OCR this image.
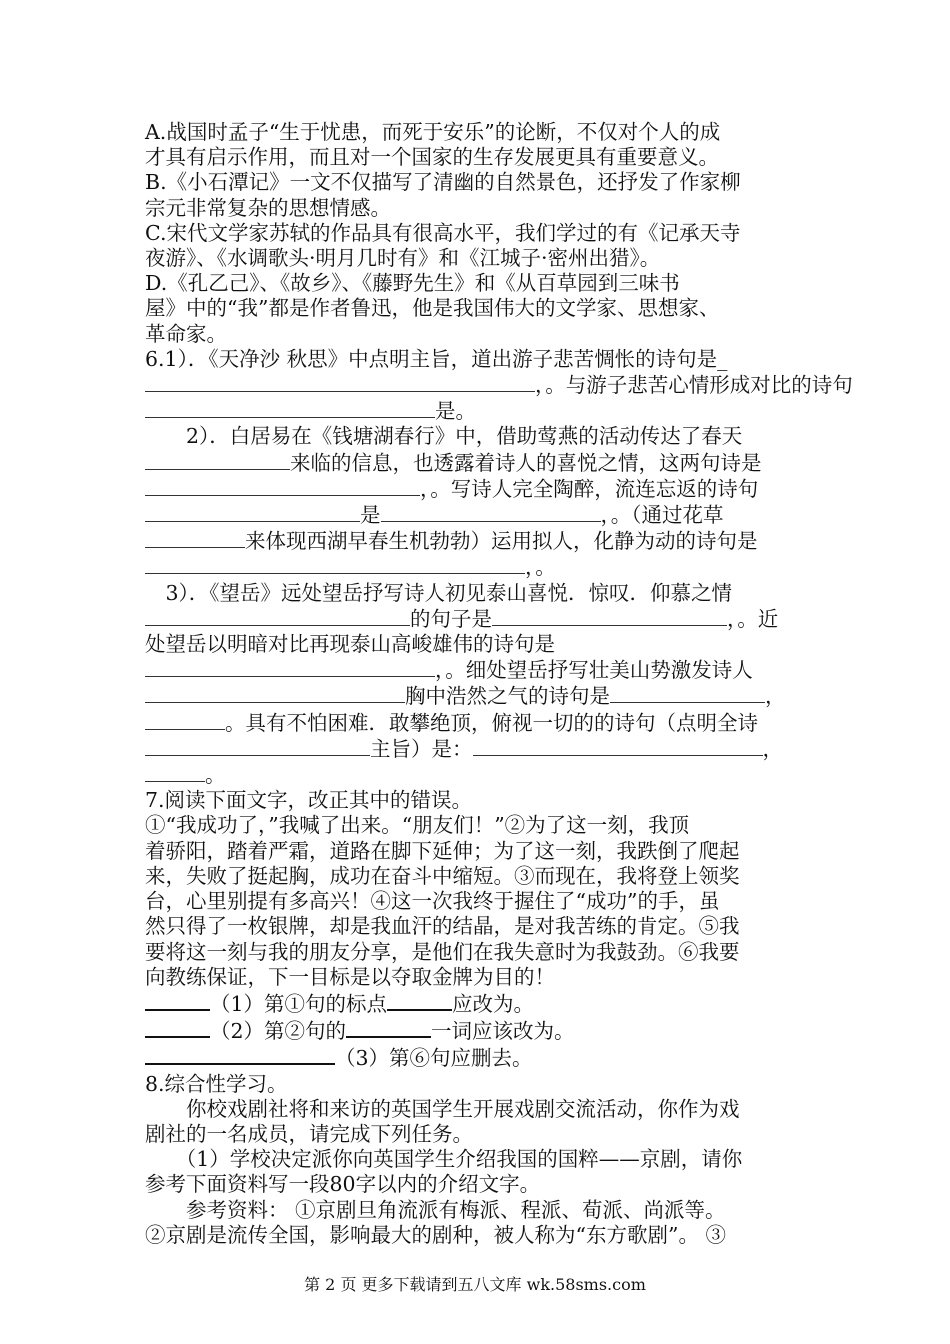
A.战国时孟子“生于忧患，而死于安乐”的论断，不仅对个人的成

才具有启示作用，而且对一个国家的生存发展更具有重要意义。

B.《小石潭记》一文不仅描写了清幽的自然景色，还抒发了作家柳

宗元非常复杂的思想情感。

C.宋代文学家苏轼的作品具有很高水平，我们学过的有《记承天寺

夜游》、《水调歌头·明月几时有》和《江城子·密州出猎》。

D.《孔乙己》、《故乡》、《藤野先生》和《从百草园到三味书

屋》中的“我”都是作者鲁迅，他是我国伟大的文学家、思想家、

革命家。

6.1）．《天净沙 秋思》中点明主旨，道出游子悲苦惆怅的诗句是_

，。与游子悲苦心情形成对比的诗句

是。

　　2）．白居易在《钱塘湖春行》中，借助莺燕的活动传达了春天

来临的信息，也透露着诗人的喜悦之情，这两句诗是

，。写诗人完全陶醉，流连忘返的诗句

是	，。（通过花草

来体现西湖早春生机勃勃）运用拟人，化静为动的诗句是

，。

　3）．《望岳》远处望岳抒写诗人初见泰山喜悦．惊叹．仰慕之情

的句子是	，。近

处望岳以明暗对比再现泰山高峻雄伟的诗句是

，。细处望岳抒写壮美山势激发诗人

胸中浩然之气的诗句是	，

。具有不怕困难．敢攀绝顶，俯视一切的的诗句（点明全诗

主旨）是：	，

。

7.阅读下面文字，改正其中的错误。

①“我成功了，”我喊了出来。“朋友们！”②为了这一刻，我顶

着骄阳，踏着严霜，道路在脚下延伸；为了这一刻，我跌倒了爬起

来，失败了挺起胸，成功在奋斗中缩短。③而现在，我将登上领奖

台，心里别提有多高兴！④这一次我终于握住了“成功”的手，虽

然只得了一枚银牌，却是我血汗的结晶，是对我苦练的肯定。⑤我

要将这一刻与我的朋友分享，是他们在我失意时为我鼓劲。⑥我要

向教练保证，下一目标是以夺取金牌为目的！

（1）第①句的标点	应改为。

（2）第②句的	一词应该改为。

（3）第⑥句应删去。

8.综合性学习。

　　你校戏剧社将和来访的英国学生开展戏剧交流活动，你作为戏

剧社的一名成员，请完成下列任务。

　　（1）学校决定派你向英国学生介绍我国的国粹——京剧，请你

参考下面资料写一段80字以内的介绍文字。

　　参考资料： ①京剧旦角流派有梅派、程派、荀派、尚派等。

②京剧是流传全国，影响最大的剧种，被人称为“东方歌剧”。 ③

第 2 页 更多下载请到五八文库 wk.58sms.com
